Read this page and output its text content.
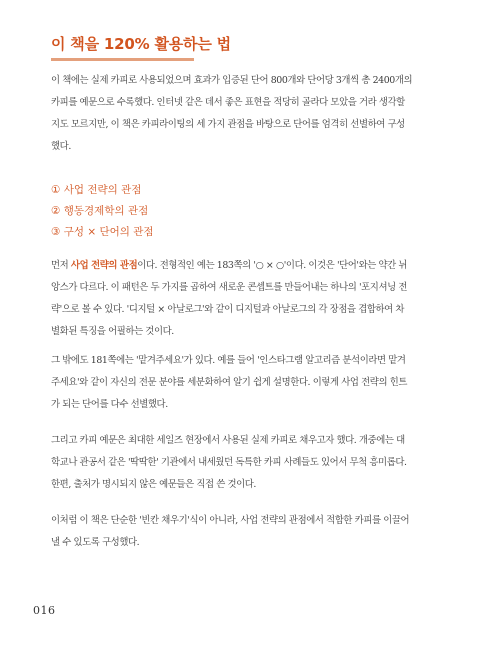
이 책을 120% 활용하는 법
이 책에는 실제 카피로 사용되었으며 효과가 입증된 단어 800개와 단어당 3개씩 총 2400개의
카피를 예문으로 수록했다. 인터넷 같은 데서 좋은 표현을 적당히 골라다 모았을 거라 생각할
지도 모르지만, 이 책은 카피라이팅의 세 가지 관점을 바탕으로 단어를 엄격히 선별하여 구성
했다.
① 사업 전략의 관점
② 행동경제학의 관점
③ 구성 × 단어의 관점
먼저 사업 전략의 관점이다. 전형적인 예는 183쪽의 '○ × ○'이다. 이것은 '단어'와는 약간 뉘
앙스가 다르다. 이 패턴은 두 가지를 곱하여 새로운 콘셉트를 만들어내는 하나의 '포지셔닝 전
략'으로 볼 수 있다. '디지털 × 아날로그'와 같이 디지털과 아날로그의 각 장점을 겹합하여 차
별화된 특징을 어필하는 것이다.
그 밖에도 181쪽에는 '맡겨주세요'가 있다. 예를 들어 '인스타그램 알고리즘 분석이라면 맡겨
주세요'와 같이 자신의 전문 분야를 세분화하여 알기 쉽게 설명한다. 이렇게 사업 전략의 힌트
가 되는 단어를 다수 선별했다.
그리고 카피 예문은 최대한 세일즈 현장에서 사용된 실제 카피로 채우고자 했다. 개중에는 대
학교나 관공서 같은 '딱딱한' 기관에서 내세웠던 독특한 카피 사례들도 있어서 무척 흥미롭다.
한편, 출처가 명시되지 않은 예문들은 직접 쓴 것이다.
이처럼 이 책은 단순한 '빈칸 채우기'식이 아니라, 사업 전략의 관점에서 적합한 카피를 이끌어
낼 수 있도록 구성했다.
016
